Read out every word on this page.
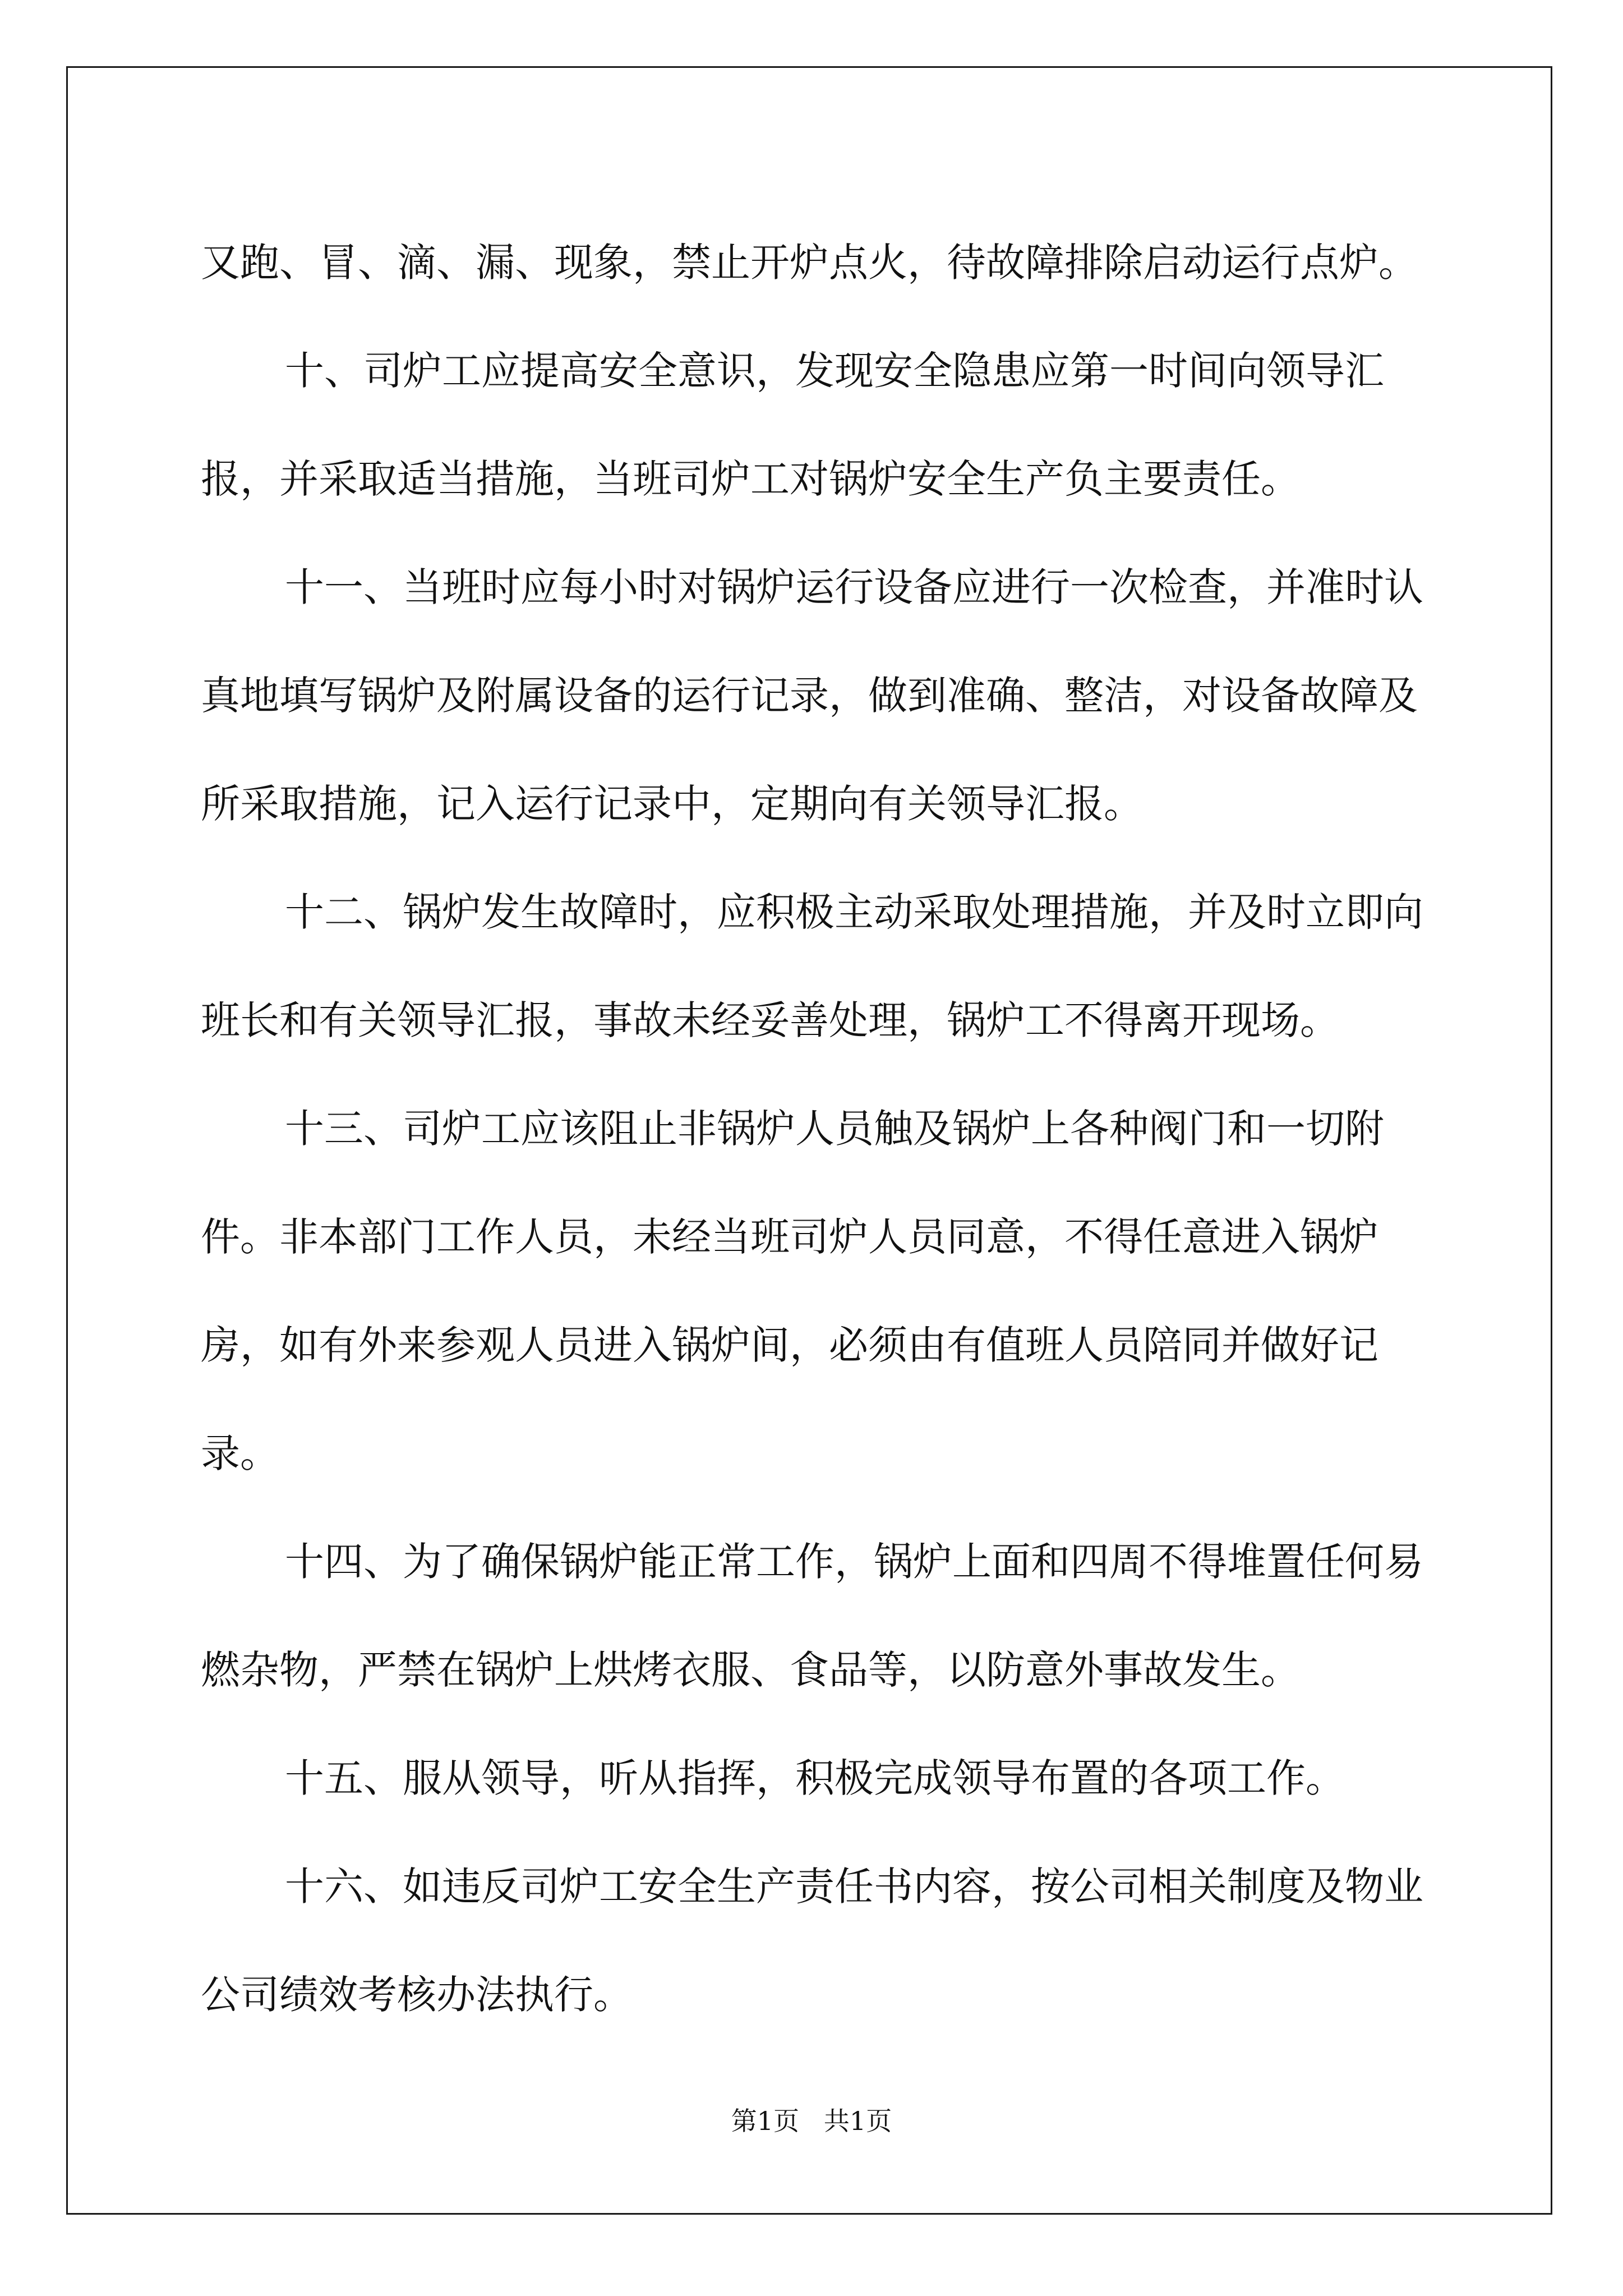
又跑、冒、滴、漏、现象，禁止开炉点火，待故障排除启动运行点炉。

十、司炉工应提高安全意识，发现安全隐患应第一时间向领导汇报，并采取适当措施，当班司炉工对锅炉安全生产负主要责任。

十一、当班时应每小时对锅炉运行设备应进行一次检查，并准时认真地填写锅炉及附属设备的运行记录，做到准确、整洁，对设备故障及所采取措施，记入运行记录中，定期向有关领导汇报。

十二、锅炉发生故障时，应积极主动采取处理措施，并及时立即向班长和有关领导汇报，事故未经妥善处理，锅炉工不得离开现场。

十三、司炉工应该阻止非锅炉人员触及锅炉上各种阀门和一切附件。非本部门工作人员，未经当班司炉人员同意，不得任意进入锅炉房，如有外来参观人员进入锅炉间，必须由有值班人员陪同并做好记录。

十四、为了确保锅炉能正常工作，锅炉上面和四周不得堆置任何易燃杂物，严禁在锅炉上烘烤衣服、食品等，以防意外事故发生。

十五、服从领导，听从指挥，积极完成领导布置的各项工作。

十六、如违反司炉工安全生产责任书内容，按公司相关制度及物业公司绩效考核办法执行。

第1页   共1页
